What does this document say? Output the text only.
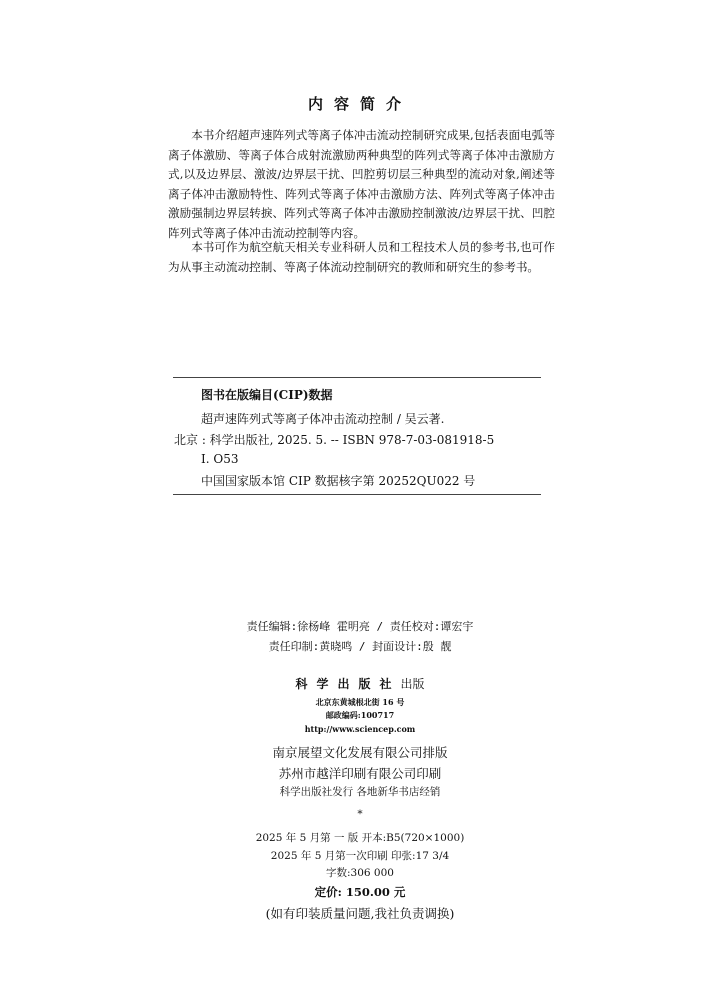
内容简介

本书介绍超声速阵列式等离子体冲击流动控制研究成果,包括表面电弧等离子体激励、等离子体合成射流激励两种典型的阵列式等离子体冲击激励方式,以及边界层、激波/边界层干扰、凹腔剪切层三种典型的流动对象,阐述等离子体冲击激励特性、阵列式等离子体冲击激励方法、阵列式等离子体冲击激励强制边界层转捩、阵列式等离子体冲击激励控制激波/边界层干扰、凹腔阵列式等离子体冲击流动控制等内容。

本书可作为航空航天相关专业科研人员和工程技术人员的参考书,也可作为从事主动流动控制、等离子体流动控制研究的教师和研究生的参考书。

图书在版编目(CIP)数据
超声速阵列式等离子体冲击流动控制 / 吴云著.
北京 : 科学出版社, 2025. 5. -- ISBN 978-7-03-081918-5
Ⅰ. O53
中国国家版本馆 CIP 数据核字第 20252QU022 号
责任编辑:徐杨峰 霍明亮 / 责任校对:谭宏宇
责任印制:黄晓鸣 / 封面设计:殷 靓
科学出版社出版
北京东黄城根北街 16 号
邮政编码:100717
http://www.sciencep.com
南京展望文化发展有限公司排版
苏州市越洋印刷有限公司印刷
科学出版社发行 各地新华书店经销
*
2025 年 5 月第 一 版 开本:B5(720×1000)
2025 年 5 月第一次印刷 印张:17 3/4
字数:306 000
定价: 150.00 元
(如有印装质量问题,我社负责调换)
